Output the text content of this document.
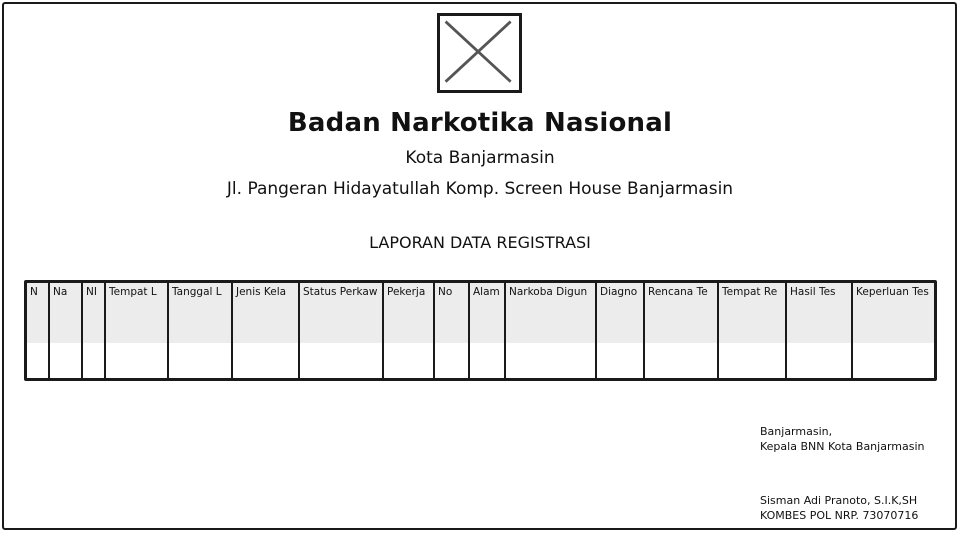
Badan Narkotika Nasional
Kota Banjarmasin
Jl. Pangeran Hidayatullah Komp. Screen House Banjarmasin
LAPORAN DATA REGISTRASI
N	Na	NI	Tempat L	Tanggal L	Jenis Kela	Status Perkaw	Pekerja	No	Alam	Narkoba Digun	Diagno	Rencana Te	Tempat Re	Hasil Tes	Keperluan Tes

Banjarmasin,
Kepala BNN Kota Banjarmasin
Sisman Adi Pranoto, S.I.K,SH
KOMBES POL NRP. 73070716
